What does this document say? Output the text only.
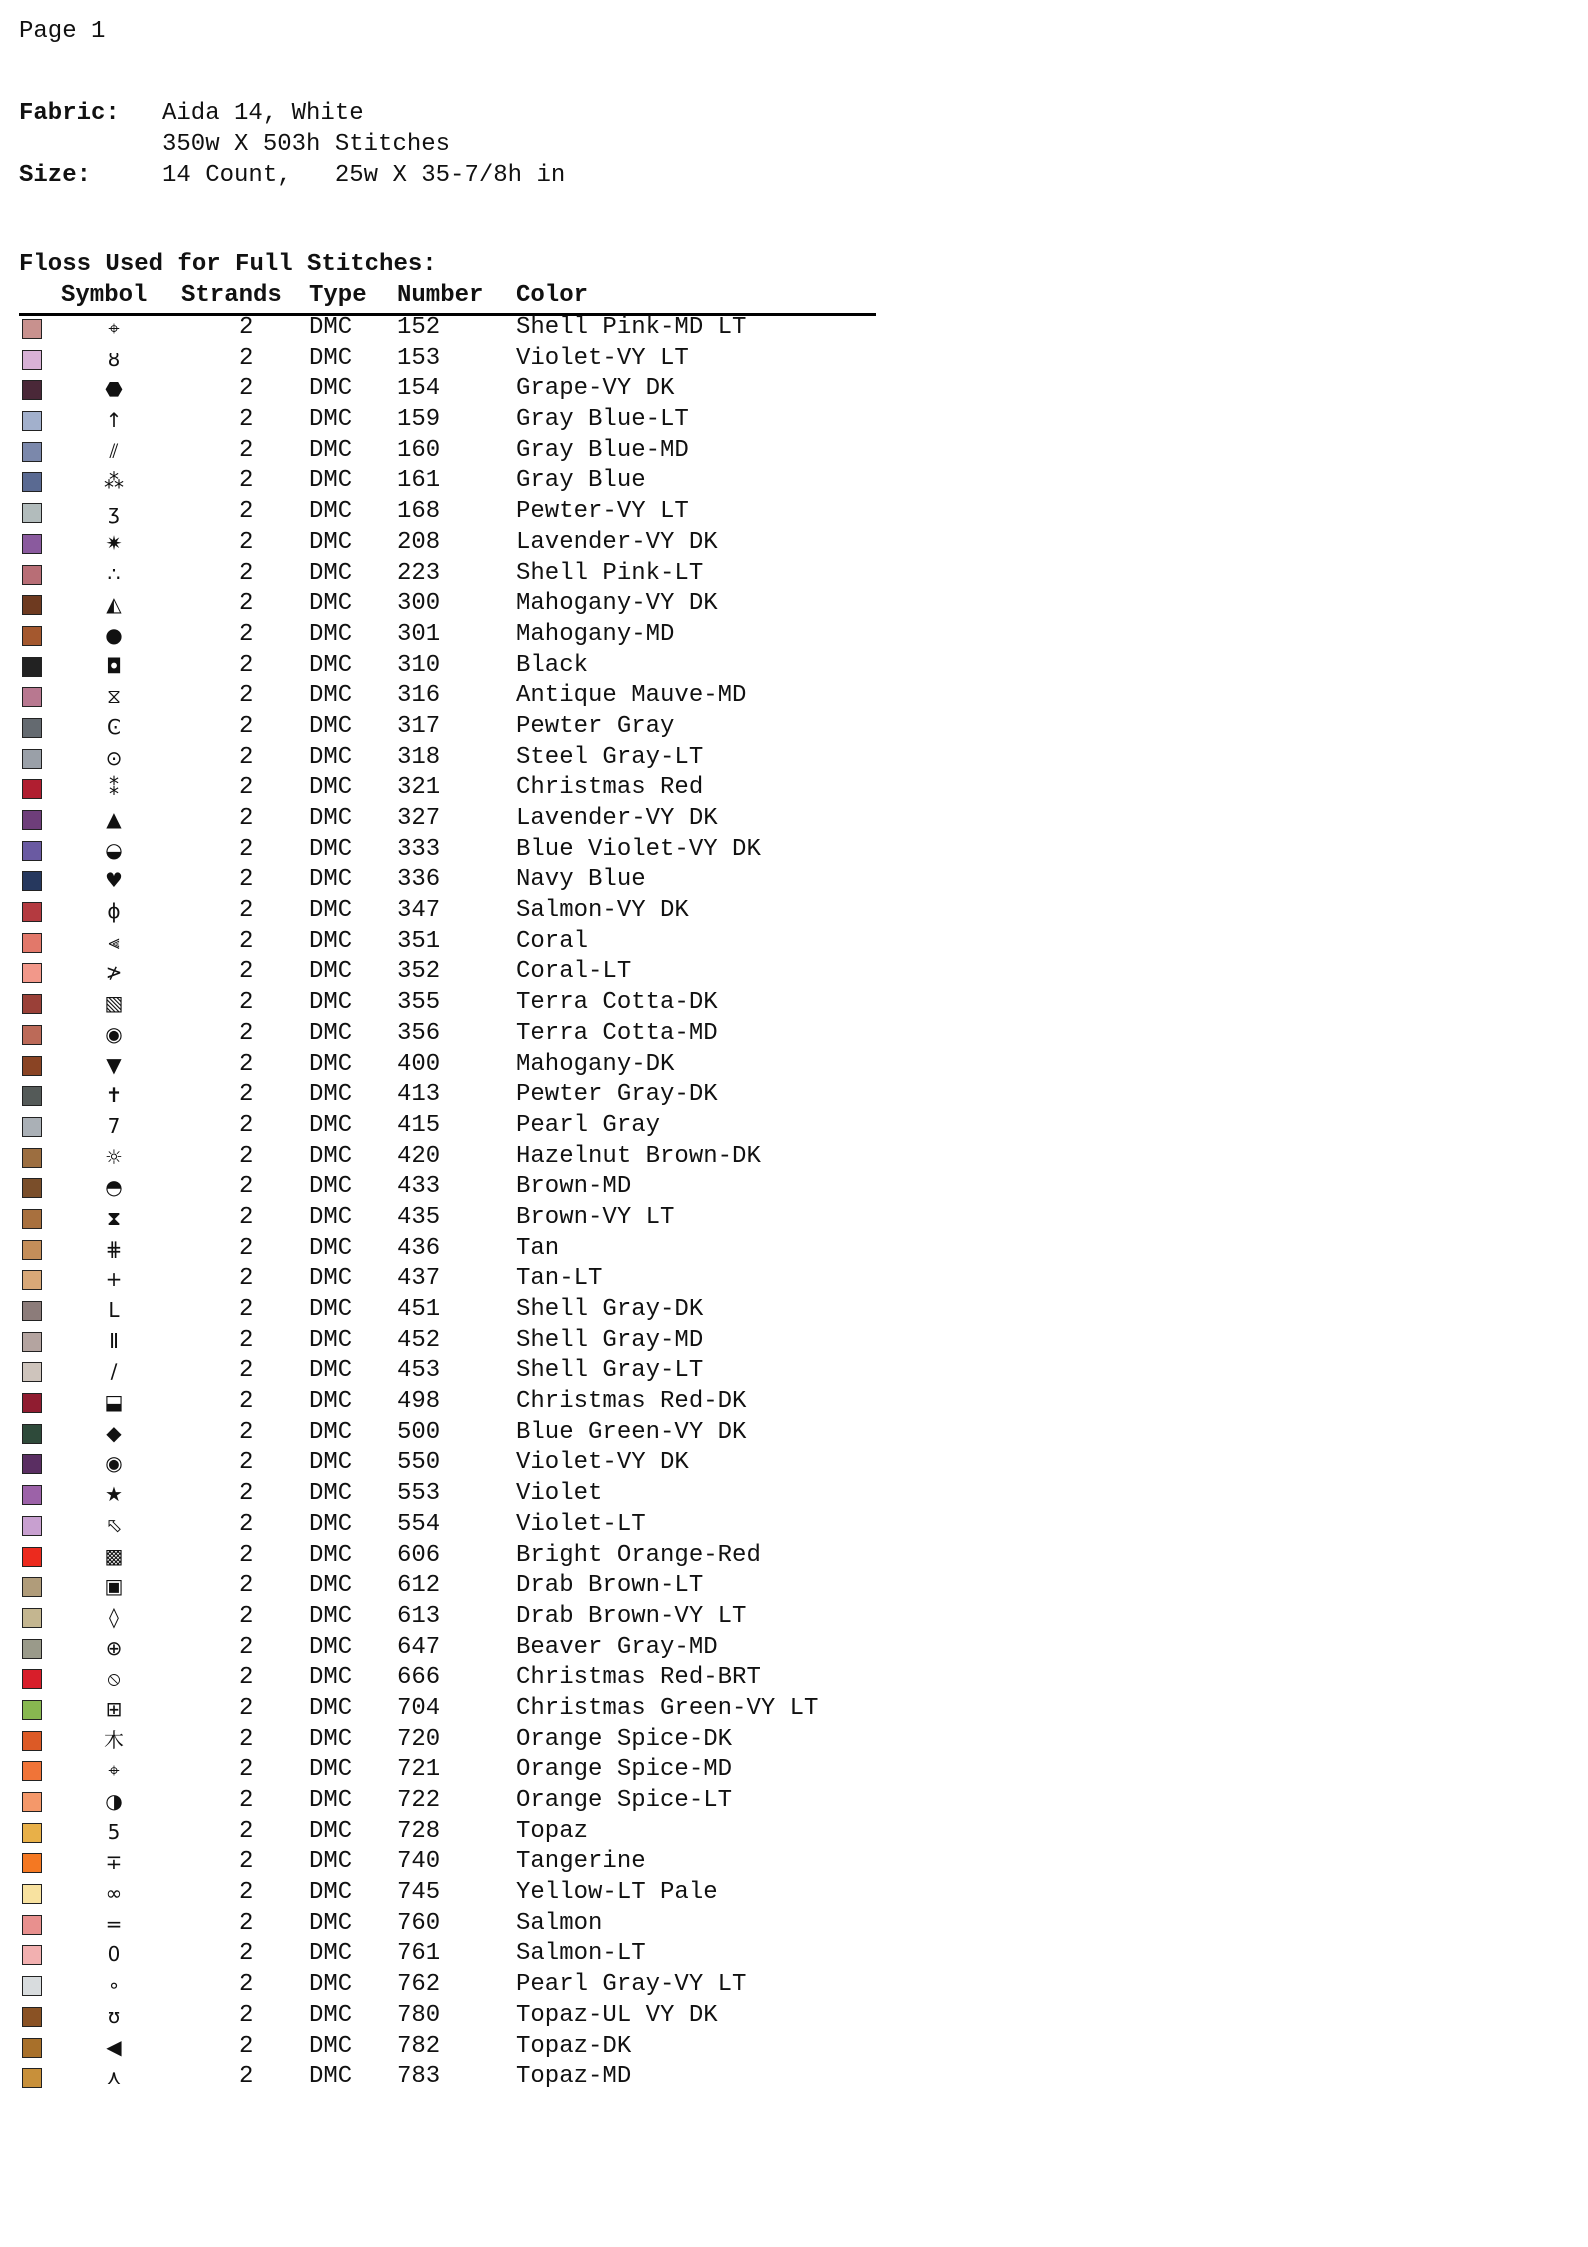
Page 1
Fabric:	Aida 14, White
350w X 503h Stitches
Size:	14 Count,   25w X 35-7/8h in
Floss Used for Full Stitches:
Symbol Strands Type Number Color
⌖	2 DMC 152	Shell Pink-MD LT
ȣ	2 DMC 153	Violet-VY LT
⬣	2 DMC 154	Grape-VY DK
↑	2 DMC 159	Gray Blue-LT
⫽	2 DMC 160	Gray Blue-MD
⁂	2 DMC 161	Gray Blue
ʒ	2 DMC 168	Pewter-VY LT
✷	2 DMC 208	Lavender-VY DK
∴	2 DMC 223	Shell Pink-LT
◭	2 DMC 300	Mahogany-VY DK
●	2 DMC 301	Mahogany-MD
◘	2 DMC 310	Black
⧖	2 DMC 316	Antique Mauve-MD
Ͼ	2 DMC 317	Pewter Gray
⊙	2 DMC 318	Steel Gray-LT
⁑	2 DMC 321	Christmas Red
▲	2 DMC 327	Lavender-VY DK
◒	2 DMC 333	Blue Violet-VY DK
♥	2 DMC 336	Navy Blue
ϕ	2 DMC 347	Salmon-VY DK
⫷	2 DMC 351	Coral
≯	2 DMC 352	Coral-LT
▧	2 DMC 355	Terra Cotta-DK
◉	2 DMC 356	Terra Cotta-MD
▼	2 DMC 400	Mahogany-DK
✝	2 DMC 413	Pewter Gray-DK
7	2 DMC 415	Pearl Gray
☼	2 DMC 420	Hazelnut Brown-DK
◓	2 DMC 433	Brown-MD
⧗	2 DMC 435	Brown-VY LT
⋕	2 DMC 436	Tan
+	2 DMC 437	Tan-LT
L	2 DMC 451	Shell Gray-DK
Ⅱ	2 DMC 452	Shell Gray-MD
∕	2 DMC 453	Shell Gray-LT
⬓	2 DMC 498	Christmas Red-DK
◆	2 DMC 500	Blue Green-VY DK
◉	2 DMC 550	Violet-VY DK
★	2 DMC 553	Violet
⬁	2 DMC 554	Violet-LT
▩	2 DMC 606	Bright Orange-Red
▣	2 DMC 612	Drab Brown-LT
◊	2 DMC 613	Drab Brown-VY LT
⊕	2 DMC 647	Beaver Gray-MD
⦸	2 DMC 666	Christmas Red-BRT
⊞	2 DMC 704	Christmas Green-VY LT
⽊	2 DMC 720	Orange Spice-DK
⌖	2 DMC 721	Orange Spice-MD
◑	2 DMC 722	Orange Spice-LT
5	2 DMC 728	Topaz
∓	2 DMC 740	Tangerine
∞	2 DMC 745	Yellow-LT Pale
=	2 DMC 760	Salmon
0	2 DMC 761	Salmon-LT
∘	2 DMC 762	Pearl Gray-VY LT
ʊ	2 DMC 780	Topaz-UL VY DK
◀	2 DMC 782	Topaz-DK
⋏	2 DMC 783	Topaz-MD
